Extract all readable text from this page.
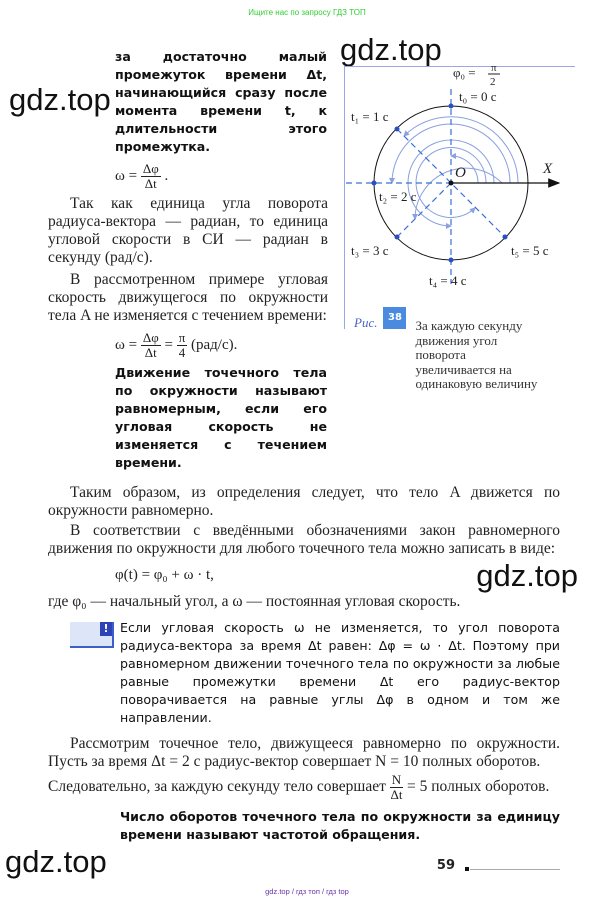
Ищите нас по запросу ГДЗ ТОП
gdz.top
за достаточно малый промежуток времени Δt, начинающийся сразу после момента времени t, к длительности этого промежутка.
$\omega = \frac{\Delta\varphi}{\Delta t}$ .
Так как единица угла поворота радиуса-вектора — радиан, то единица угловой скорости в СИ — радиан в секунду (рад/с).
В рассмотренном примере угловая скорость движущегося по окружности тела A не изменяется с течением времени:
$\omega = \frac{\Delta\varphi}{\Delta t} = \frac{\pi}{4} (рад/с)$.
Движение точечного тела по окружности называют равномерным, если его угловая скорость не изменяется с течением времени.
gdz.top
φ₀ = π
2
t₀ = 0 с
t₁ = 1 с
t₂ = 2 с
t₃ = 3 с
t₄ = 4 с
t₅ = 5 с
O	X
Рис.	38
За каждую секунду движения угол поворота увеличивается на одинаковую величину
Таким образом, из определения следует, что тело A движется по окружности равномерно.
В соответствии с введёнными обозначениями закон равномерного движения по окружности для любого точечного тела можно записать в виде:
φ(t) = φ₀ + ω · t,	gdz.top
где φ₀ — начальный угол, а ω — постоянная угловая скорость.
! Если угловая скорость ω не изменяется, то угол поворота радиуса-вектора за время Δt равен: Δφ = ω · Δt. Поэтому при равномерном движении точечного тела по окружности за любые равные промежутки времени Δt его радиус-вектор поворачивается на равные углы Δφ в одном и том же направлении.
Рассмотрим точечное тело, движущееся равномерно по окружности. Пусть за время Δt = 2 с радиус-вектор совершает N = 10 полных оборотов.
Следовательно, за каждую секунду тело совершает $\frac{N}{\Delta t} = 5$ полных оборотов.
Число оборотов точечного тела по окружности за единицу времени называют частотой обращения.
gdz.top	59
gdz.top / гдз топ / гдз top
